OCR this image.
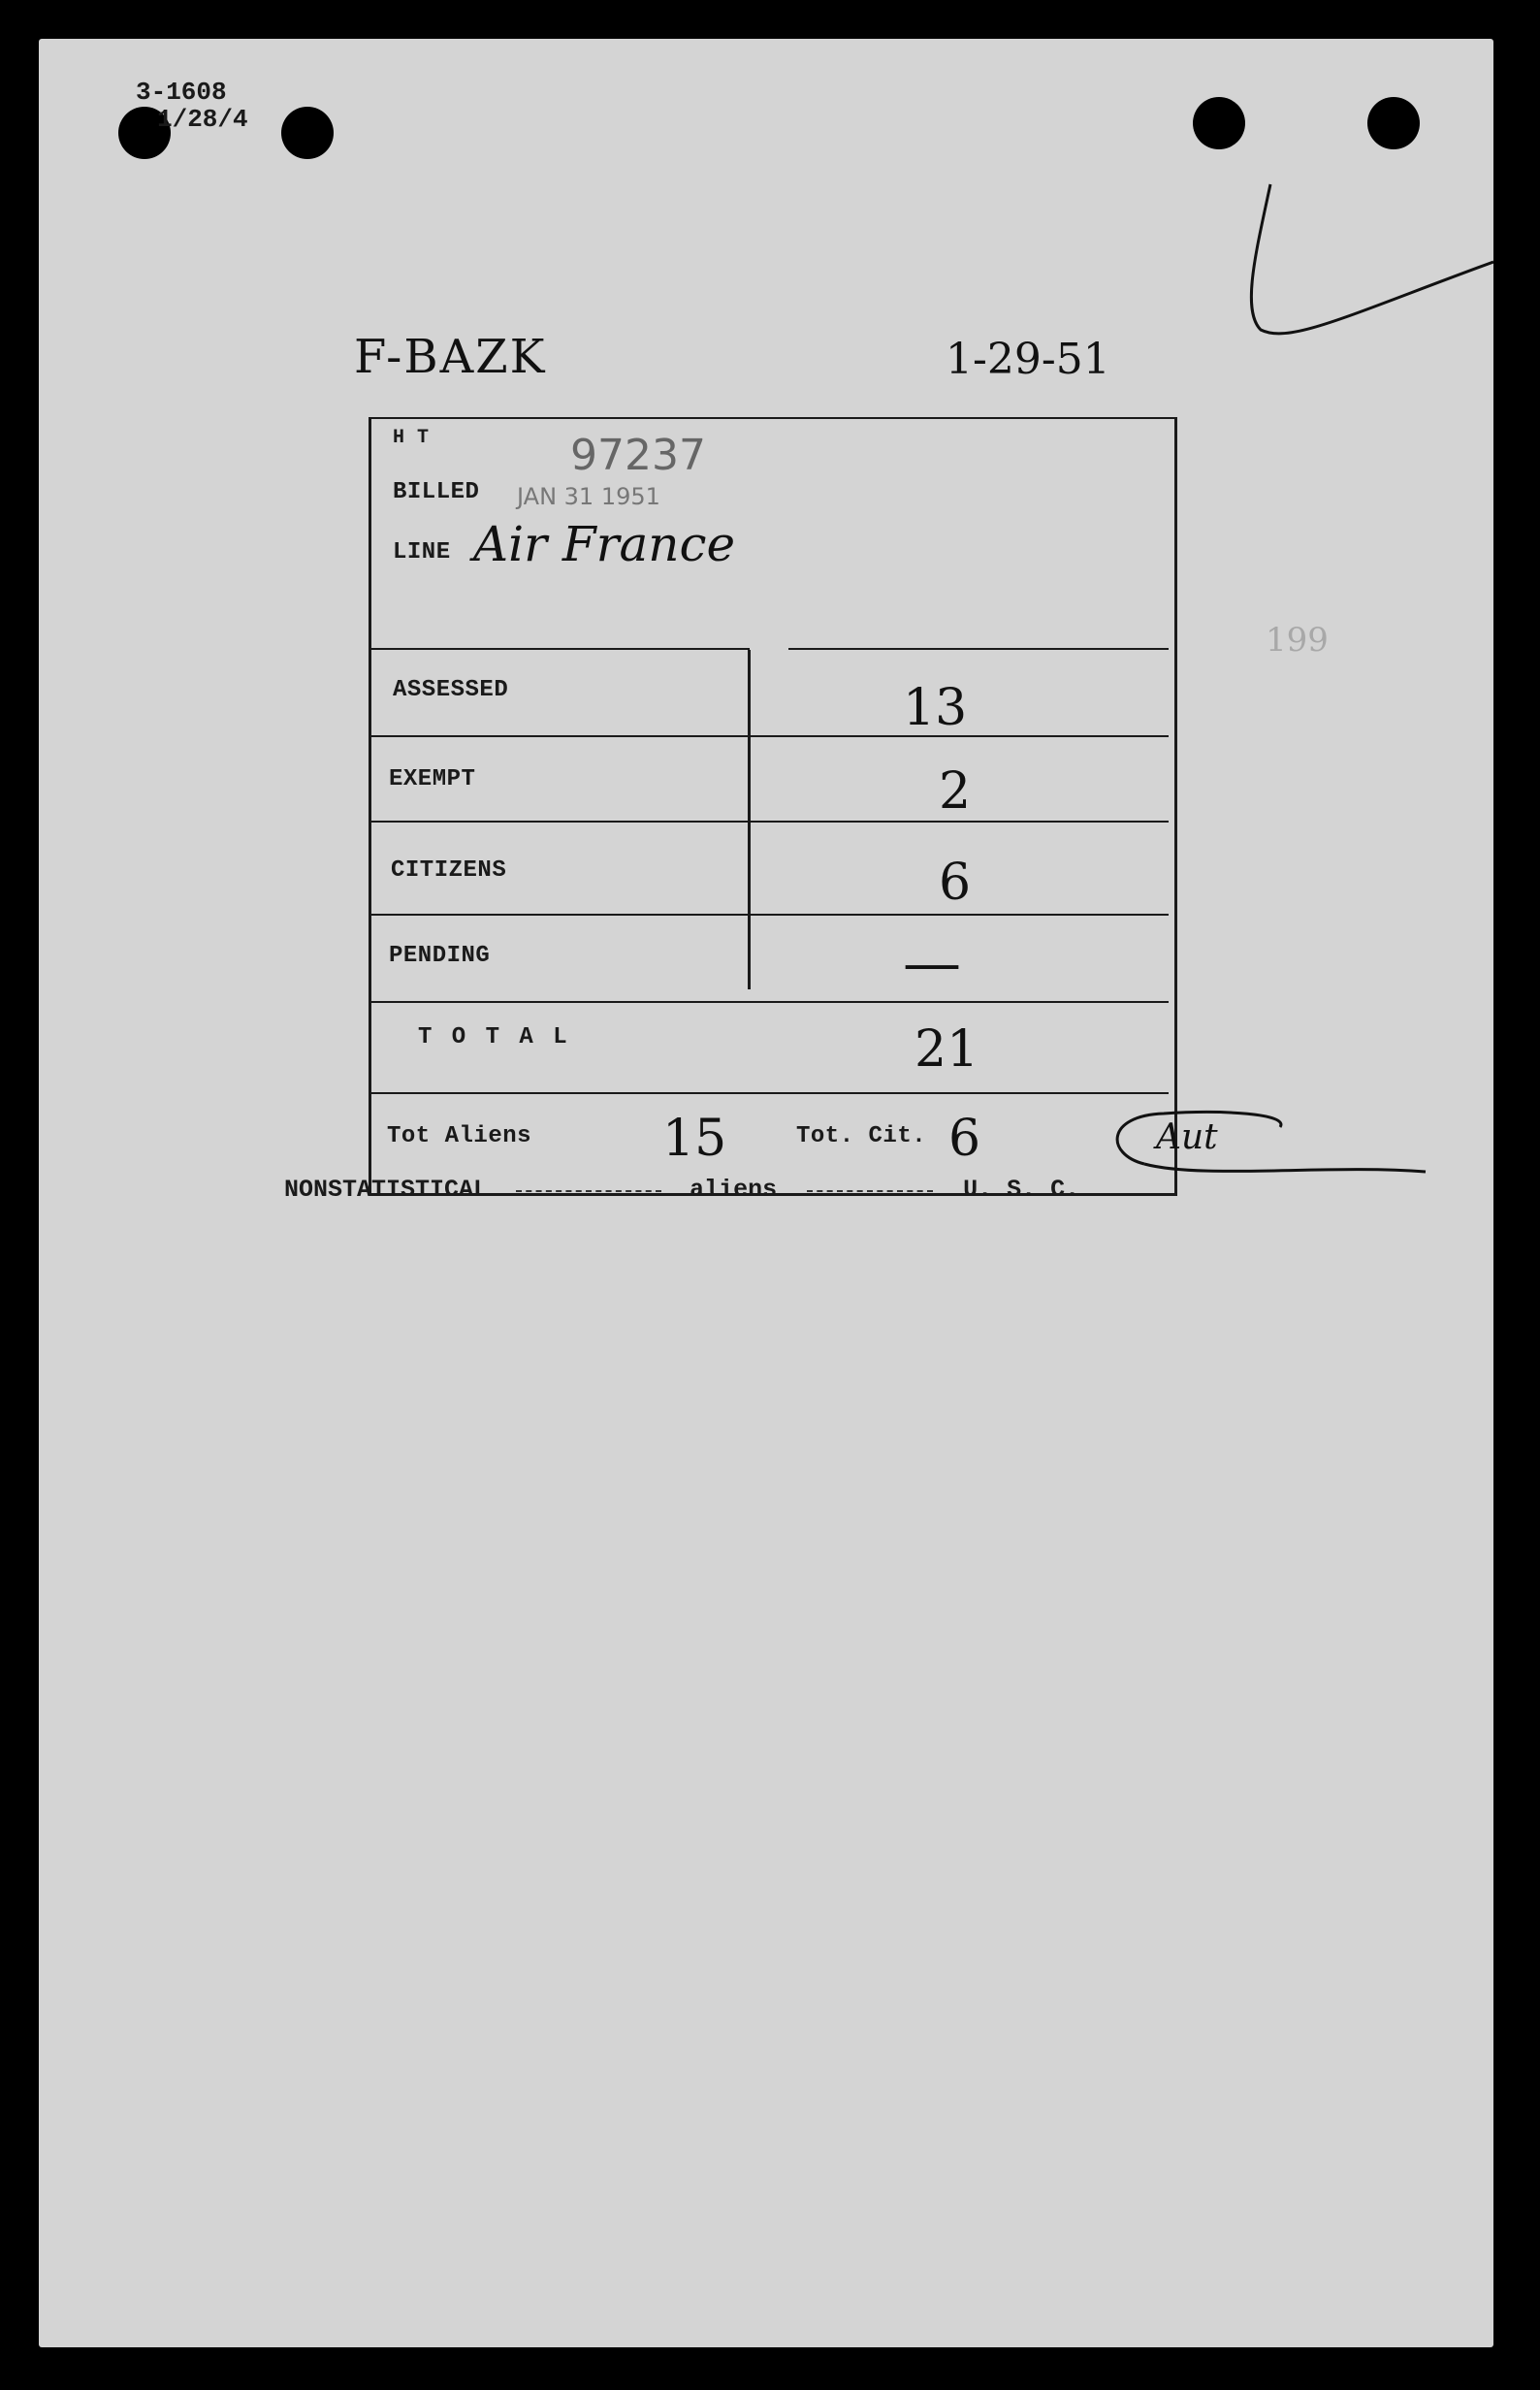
3-1608
1/28/4
199
F-BAZK	1-29-51
H T	97237
BILLED JAN 31 1951
LINE Air France
ASSESSED	13
EXEMPT	2
CITIZENS	6
PENDING	—
T O T A L	21
Tot Aliens	15	Tot. Cit. 6	Aut
NONSTATISTICAL	aliens	U. S. C.
